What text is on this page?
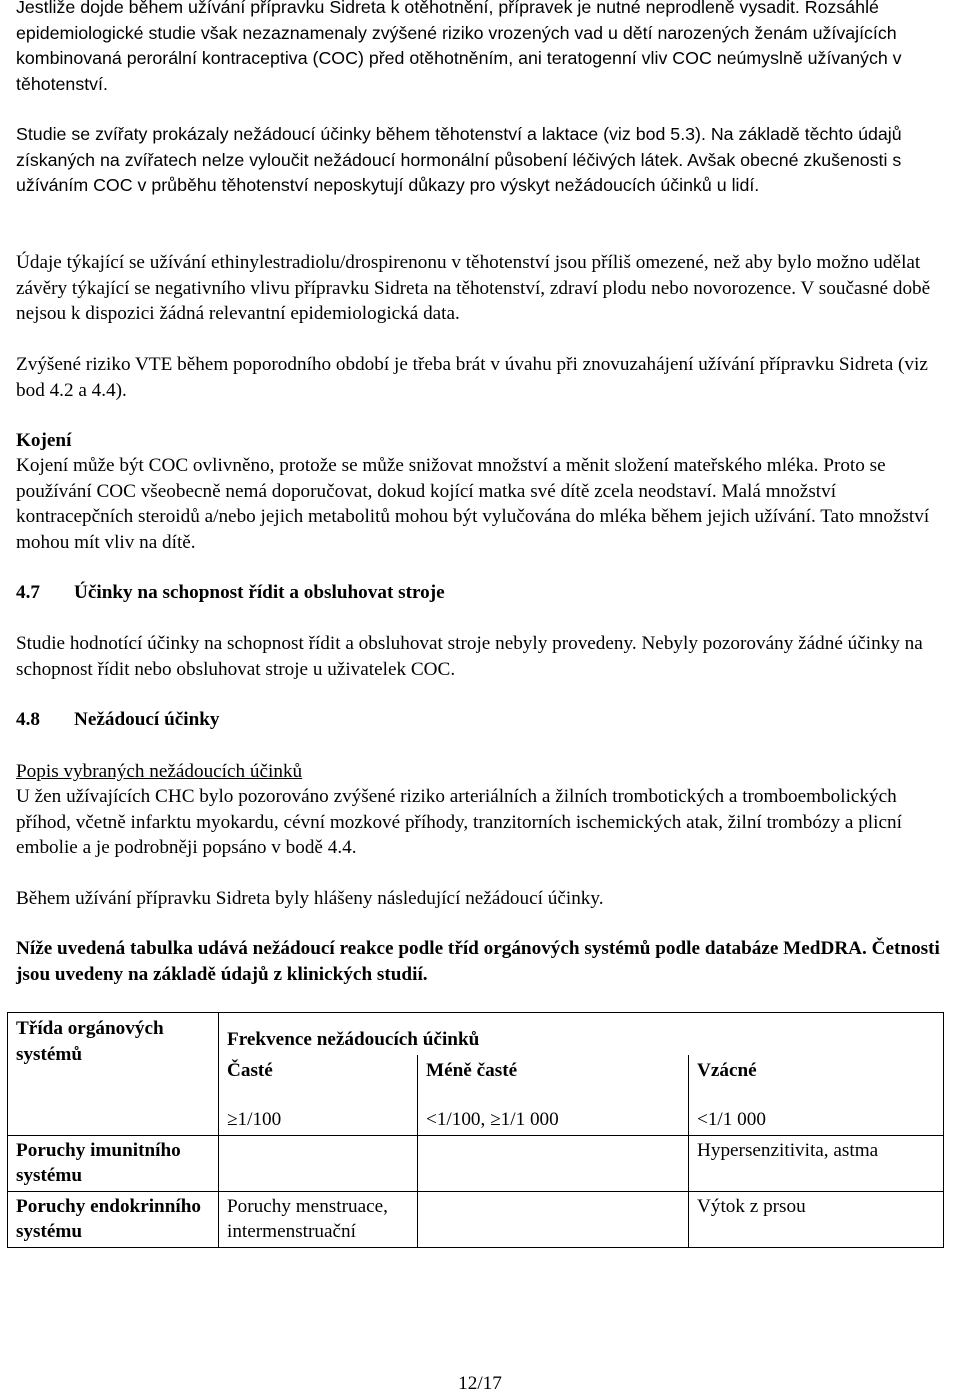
Jestliže dojde během užívání přípravku Sidreta k otěhotnění, přípravek je nutné neprodleně vysadit. Rozsáhlé epidemiologické studie však nezaznamenaly zvýšené riziko vrozených vad u dětí narozených ženám užívajících kombinovaná perorální kontraceptiva (COC) před otěhotněním, ani teratogenní vliv COC neúmyslně užívaných v těhotenství.

Studie se zvířaty prokázaly nežádoucí účinky během těhotenství a laktace (viz bod 5.3). Na základě těchto údajů získaných na zvířatech nelze vyloučit nežádoucí hormonální působení léčivých látek. Avšak obecné zkušenosti s užíváním COC v průběhu těhotenství neposkytují důkazy pro výskyt nežádoucích účinků u lidí.

Údaje týkající se užívání ethinylestradiolu/drospirenonu v těhotenství jsou příliš omezené, než aby bylo možno udělat závěry týkající se negativního vlivu přípravku Sidreta na těhotenství, zdraví plodu nebo novorozence. V současné době nejsou k dispozici žádná relevantní epidemiologická data.

Zvýšené riziko VTE během poporodního období je třeba brát v úvahu při znovuzahájení užívání přípravku Sidreta (viz bod 4.2 a 4.4).

Kojení

Kojení může být COC ovlivněno, protože se může snižovat množství a měnit složení mateřského mléka. Proto se používání COC všeobecně nemá doporučovat, dokud kojící matka své dítě zcela neodstaví. Malá množství kontracepčních steroidů a/nebo jejich metabolitů mohou být vylučována do mléka během jejich užívání. Tato množství mohou mít vliv na dítě.

4.7 Účinky na schopnost řídit a obsluhovat stroje

Studie hodnotící účinky na schopnost řídit a obsluhovat stroje nebyly provedeny. Nebyly pozorovány žádné účinky na schopnost řídit nebo obsluhovat stroje u uživatelek COC.

4.8 Nežádoucí účinky

Popis vybraných nežádoucích účinků

U žen užívajících CHC bylo pozorováno zvýšené riziko arteriálních a žilních trombotických a tromboembolických příhod, včetně infarktu myokardu, cévní mozkové příhody, tranzitorních ischemických atak, žilní trombózy a plicní embolie a je podrobněji popsáno v bodě 4.4.

Během užívání přípravku Sidreta byly hlášeny následující nežádoucí účinky.

Níže uvedená tabulka udává nežádoucí reakce podle tříd orgánových systémů podle databáze MedDRA. Četnosti jsou uvedeny na základě údajů z klinických studií.

Třída orgánových systémů	Frekvence nežádoucích účinků		
	Časté	Méně časté	Vzácné
	≥1/100	<1/100, ≥1/1 000	<1/1 000
Poruchy imunitního systému			Hypersenzitivita, astma
Poruchy endokrinního systému	Poruchy menstruace, intermenstruační		Výtok z prsou
12/17
